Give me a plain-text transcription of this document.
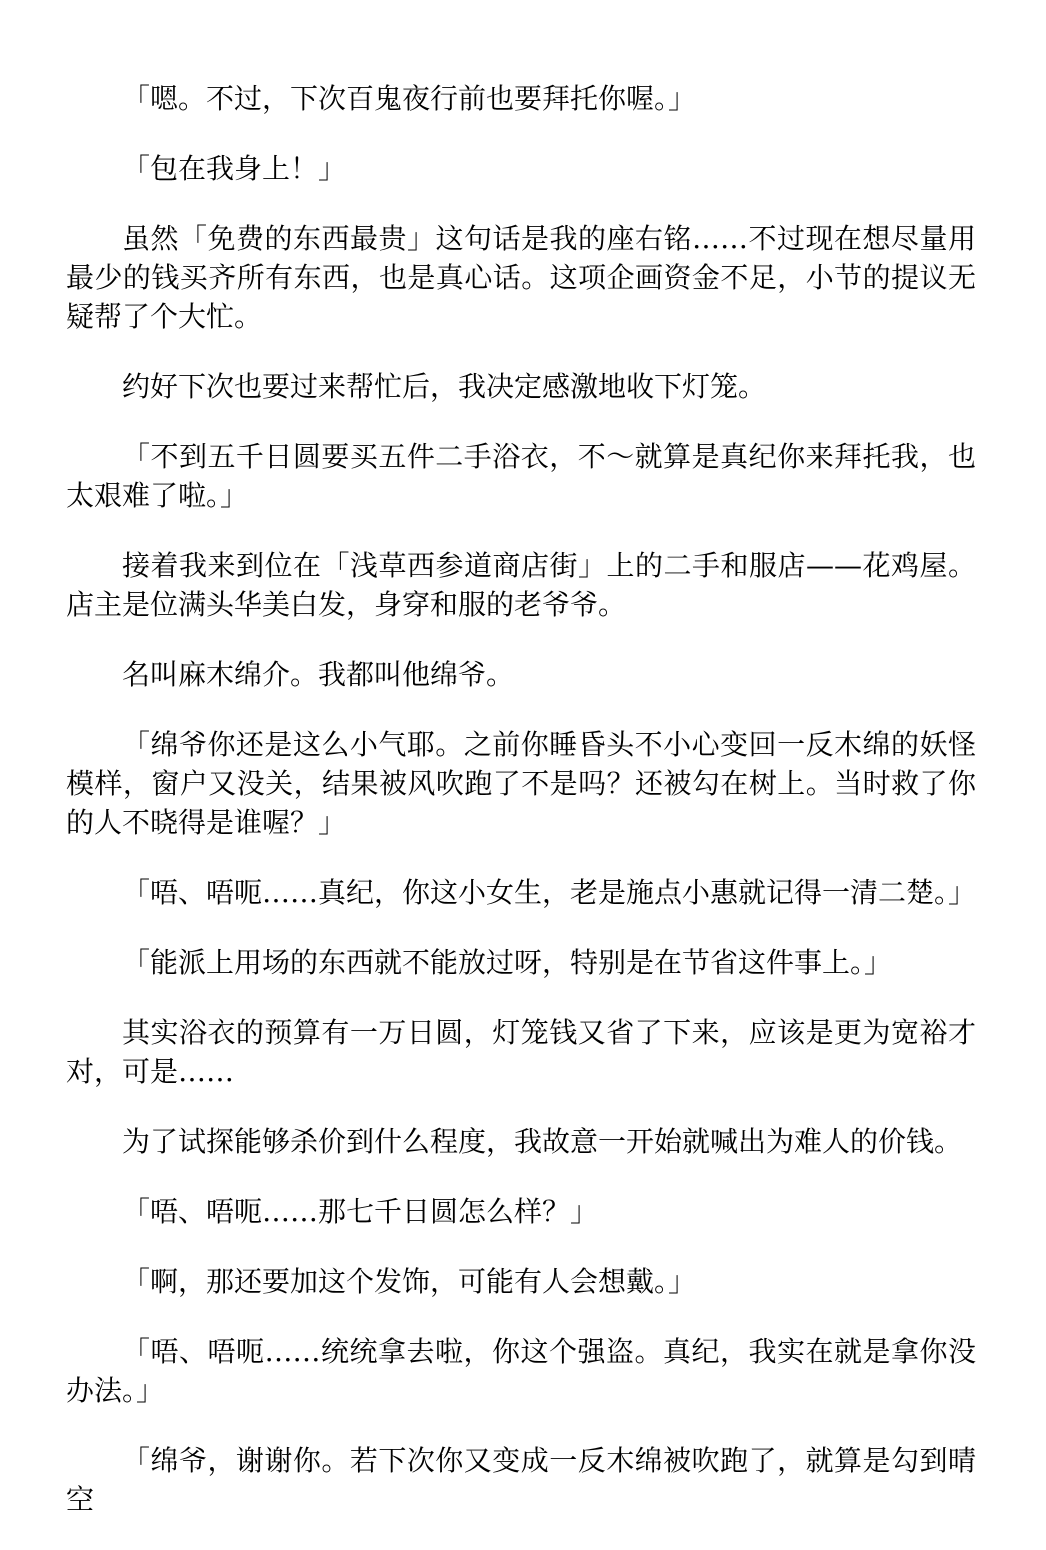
「嗯。不过，下次百鬼夜行前也要拜托你喔。」

「包在我身上！」

虽然「免费的东西最贵」这句话是我的座右铭……不过现在想尽量用最少的钱买齐所有东西，也是真心话。这项企画资金不足，小节的提议无疑帮了个大忙。

约好下次也要过来帮忙后，我决定感激地收下灯笼。

「不到五千日圆要买五件二手浴衣，不～就算是真纪你来拜托我，也太艰难了啦。」

接着我来到位在「浅草西参道商店街」上的二手和服店——花鸡屋。店主是位满头华美白发，身穿和服的老爷爷。

名叫麻木绵介。我都叫他绵爷。

「绵爷你还是这么小气耶。之前你睡昏头不小心变回一反木绵的妖怪模样，窗户又没关，结果被风吹跑了不是吗？还被勾在树上。当时救了你的人不晓得是谁喔？」

「唔、唔呃……真纪，你这小女生，老是施点小惠就记得一清二楚。」

「能派上用场的东西就不能放过呀，特别是在节省这件事上。」

其实浴衣的预算有一万日圆，灯笼钱又省了下来，应该是更为宽裕才对，可是……

为了试探能够杀价到什么程度，我故意一开始就喊出为难人的价钱。

「唔、唔呃……那七千日圆怎么样？」

「啊，那还要加这个发饰，可能有人会想戴。」

「唔、唔呃……统统拿去啦，你这个强盗。真纪，我实在就是拿你没办法。」

「绵爷，谢谢你。若下次你又变成一反木绵被吹跑了，就算是勾到晴空
